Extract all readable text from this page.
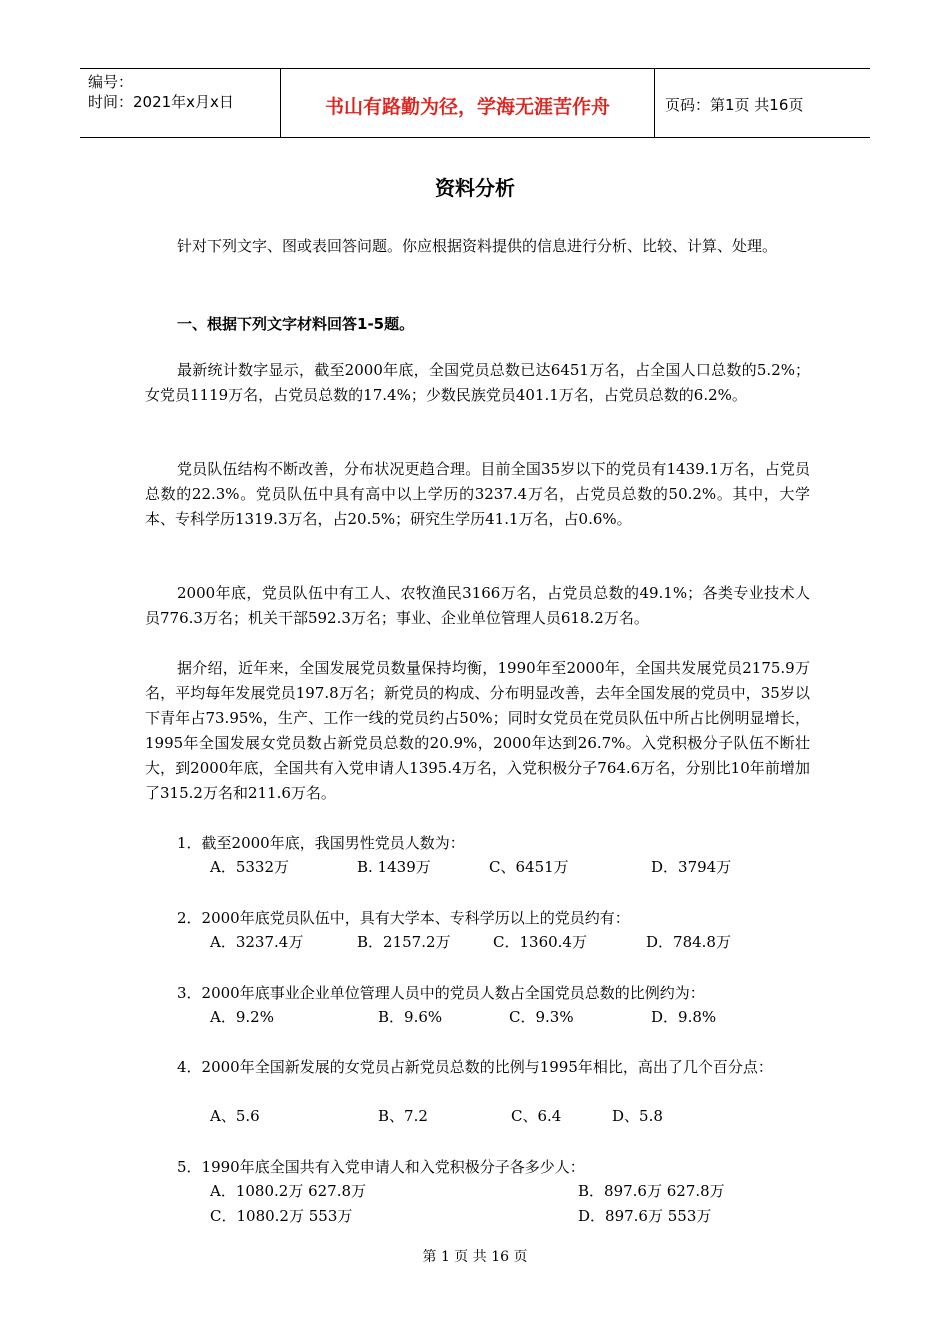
编号：
时间：2021年x月x日	书山有路勤为径，学海无涯苦作舟	页码：第1页 共16页
资料分析
针对下列文字、图或表回答问题。你应根据资料提供的信息进行分析、比较、计算、处理。
一、根据下列文字材料回答1-5题。
最新统计数字显示，截至2000年底，全国党员总数已达6451万名，占全国人口总数的5.2%；女党员1119万名，占党员总数的17.4%；少数民族党员401.1万名，占党员总数的6.2%。
党员队伍结构不断改善，分布状况更趋合理。目前全国35岁以下的党员有1439.1万名，占党员总数的22.3%。党员队伍中具有高中以上学历的3237.4万名，占党员总数的50.2%。其中，大学本、专科学历1319.3万名，占20.5%；研究生学历41.1万名，占0.6%。
2000年底，党员队伍中有工人、农牧渔民3166万名，占党员总数的49.1%；各类专业技术人员776.3万名；机关干部592.3万名；事业、企业单位管理人员618.2万名。
据介绍，近年来，全国发展党员数量保持均衡，1990年至2000年，全国共发展党员2175.9万名，平均每年发展党员197.8万名；新党员的构成、分布明显改善，去年全国发展的党员中，35岁以下青年占73.95%，生产、工作一线的党员约占50%；同时女党员在党员队伍中所占比例明显增长，1995年全国发展女党员数占新党员总数的20.9%，2000年达到26.7%。入党积极分子队伍不断壮大，到2000年底，全国共有入党申请人1395.4万名，入党积极分子764.6万名，分别比10年前增加了315.2万名和211.6万名。
1．截至2000年底，我国男性党员人数为：
A．5332万	B. 1439万	C、6451万	D．3794万
2．2000年底党员队伍中，具有大学本、专科学历以上的党员约有：
A．3237.4万	B．2157.2万	C．1360.4万	D．784.8万
3．2000年底事业企业单位管理人员中的党员人数占全国党员总数的比例约为：
A．9.2%	B．9.6%	C．9.3%	D．9.8%
4．2000年全国新发展的女党员占新党员总数的比例与1995年相比，高出了几个百分点：
A、5.6	B、7.2	C、6.4	D、5.8
5．1990年底全国共有入党申请人和入党积极分子各多少人：
A．1080.2万 627.8万	B．897.6万 627.8万
C．1080.2万 553万	D．897.6万 553万
第 1 页 共 16 页
